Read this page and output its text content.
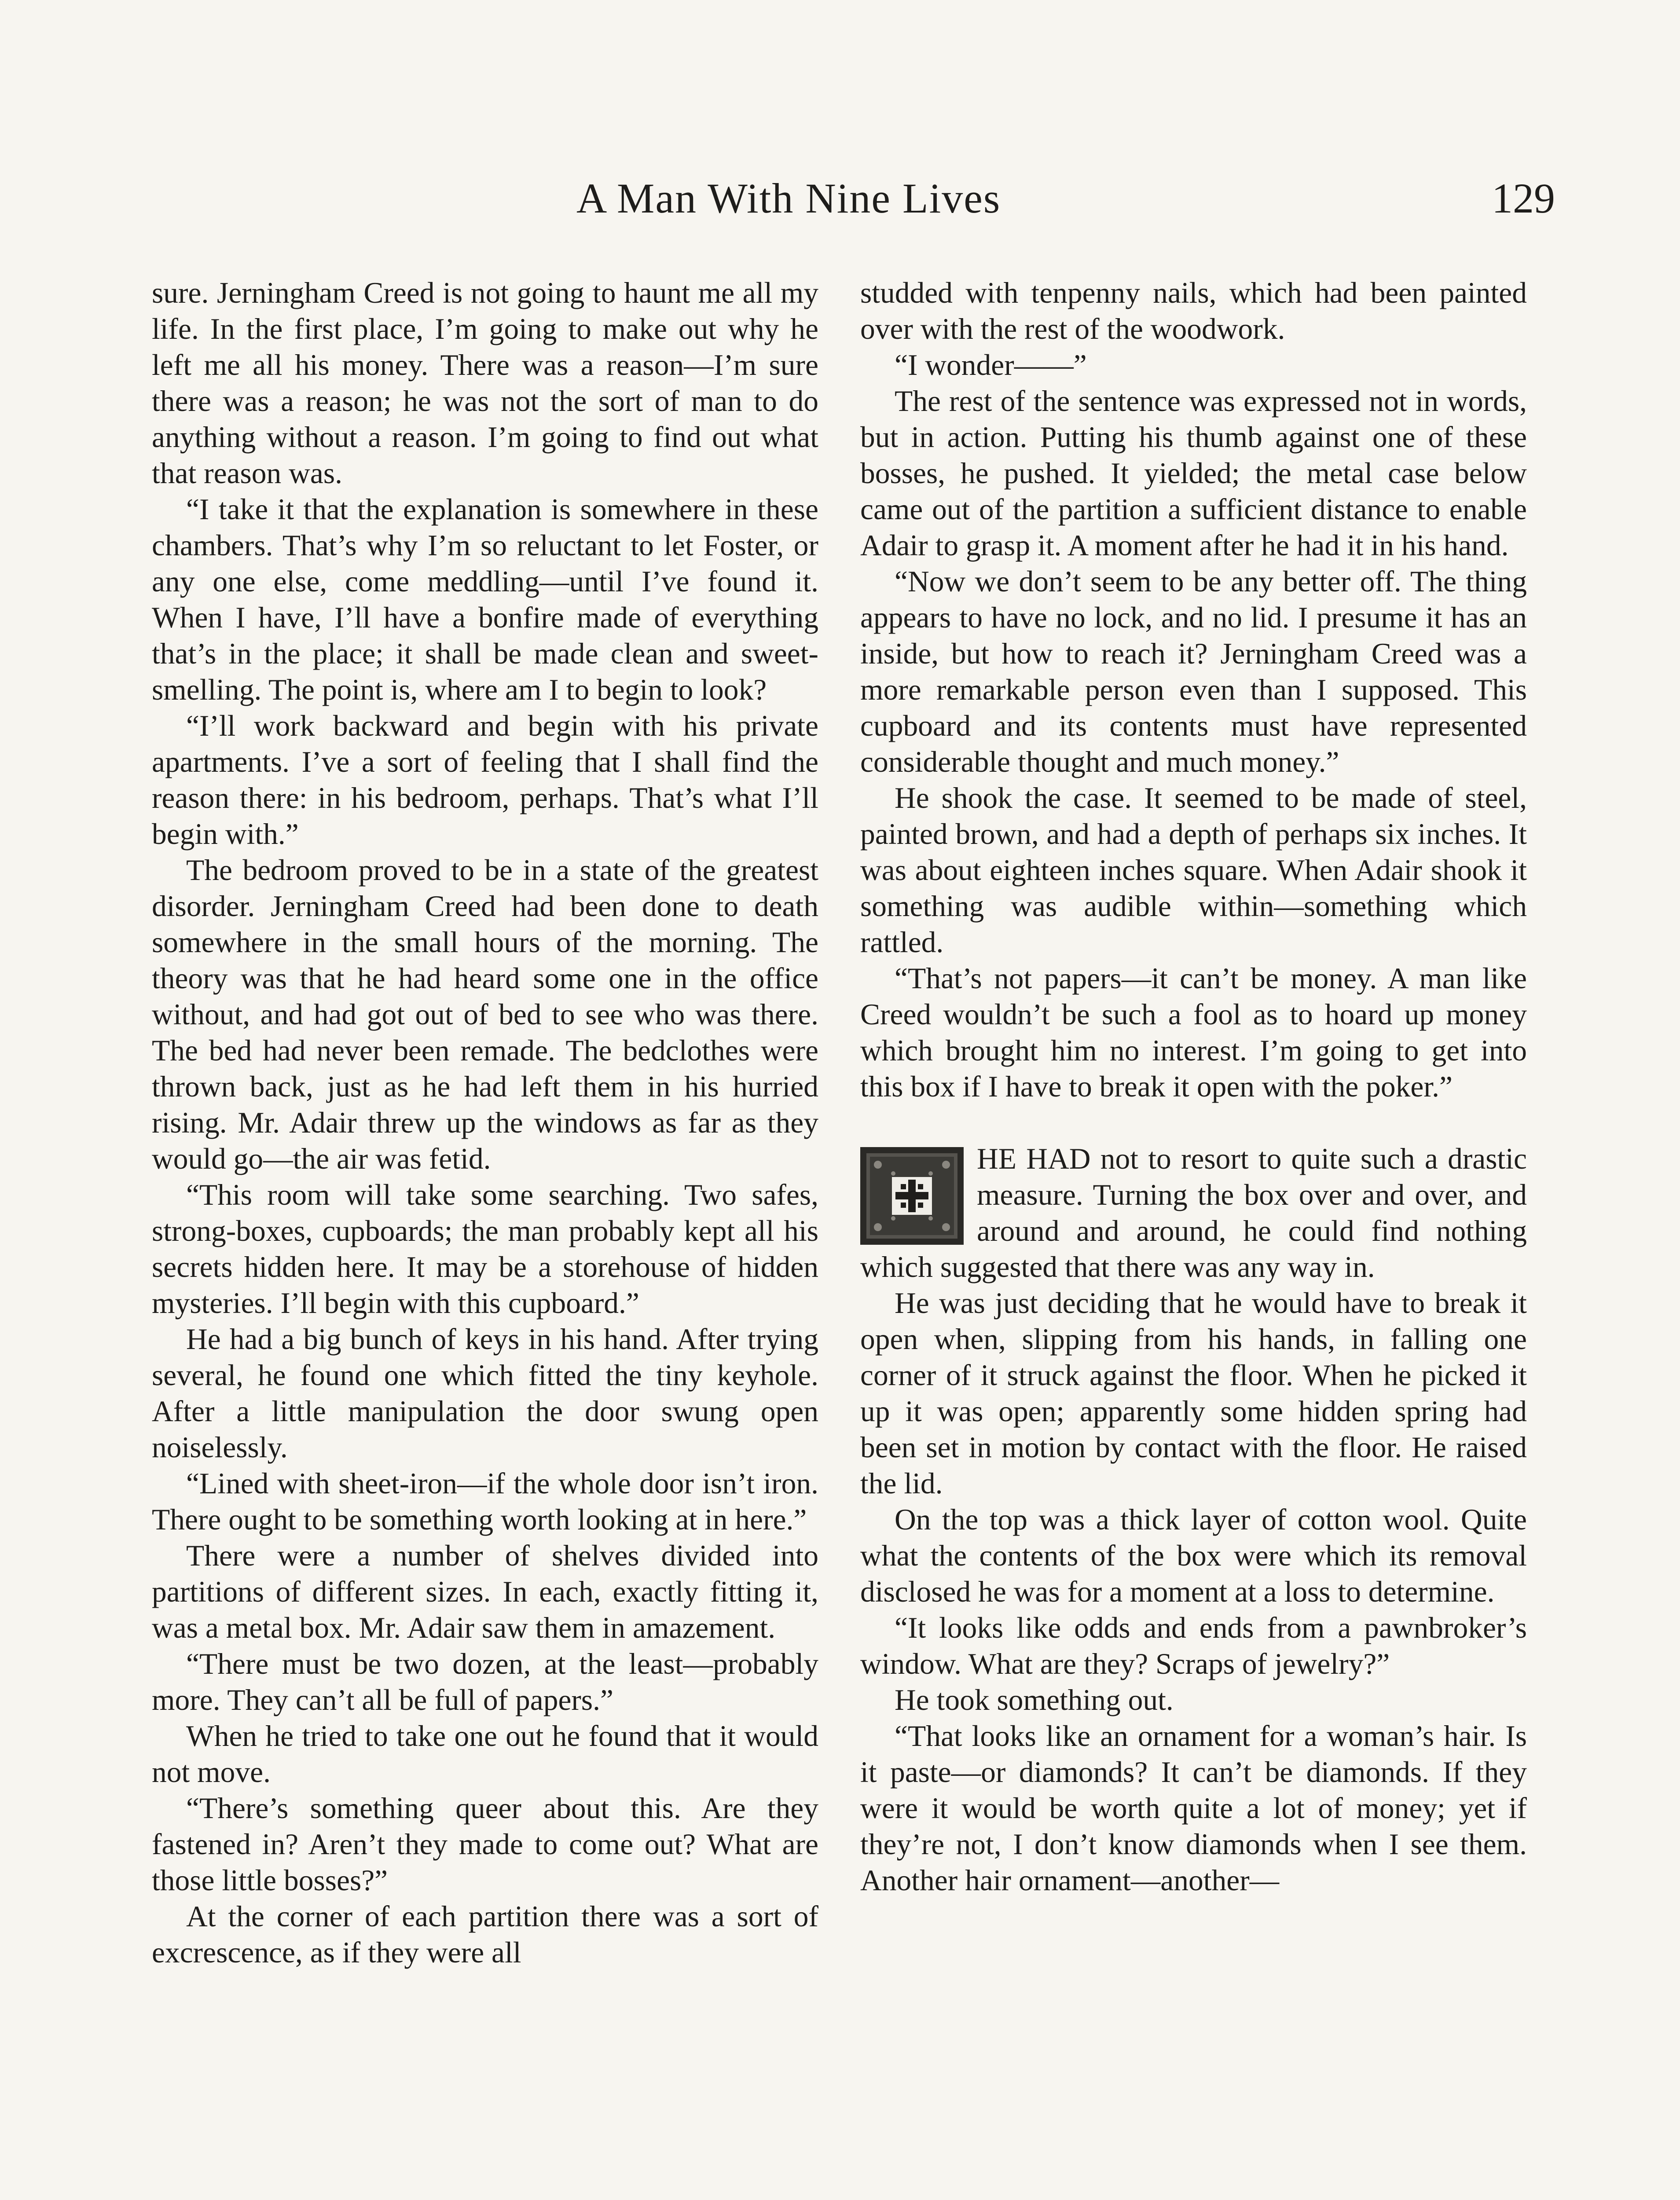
A Man With Nine Lives	129

sure. Jerningham Creed is not going to haunt me all my life. In the first place, I’m going to make out why he left me all his money. There was a reason—I’m sure there was a reason; he was not the sort of man to do anything without a reason. I’m going to find out what that reason was.

“I take it that the explanation is somewhere in these chambers. That’s why I’m so reluctant to let Foster, or any one else, come meddling—until I’ve found it. When I have, I’ll have a bonfire made of everything that’s in the place; it shall be made clean and sweet-smelling. The point is, where am I to begin to look?

“I’ll work backward and begin with his private apartments. I’ve a sort of feeling that I shall find the reason there: in his bedroom, perhaps. That’s what I’ll begin with.”

The bedroom proved to be in a state of the greatest disorder. Jerningham Creed had been done to death somewhere in the small hours of the morning. The theory was that he had heard some one in the office without, and had got out of bed to see who was there. The bed had never been remade. The bedclothes were thrown back, just as he had left them in his hurried rising. Mr. Adair threw up the windows as far as they would go—the air was fetid.

“This room will take some searching. Two safes, strong-boxes, cupboards; the man probably kept all his secrets hidden here. It may be a storehouse of hidden mysteries. I’ll begin with this cupboard.”

He had a big bunch of keys in his hand. After trying several, he found one which fitted the tiny keyhole. After a little manipulation the door swung open noiselessly.

“Lined with sheet-iron—if the whole door isn’t iron. There ought to be something worth looking at in here.”

There were a number of shelves divided into partitions of different sizes. In each, exactly fitting it, was a metal box. Mr. Adair saw them in amazement.

“There must be two dozen, at the least—probably more. They can’t all be full of papers.”

When he tried to take one out he found that it would not move.

“There’s something queer about this. Are they fastened in? Aren’t they made to come out? What are those little bosses?”

At the corner of each partition there was a sort of excrescence, as if they were all

studded with tenpenny nails, which had been painted over with the rest of the woodwork.

“I wonder——”

The rest of the sentence was expressed not in words, but in action. Putting his thumb against one of these bosses, he pushed. It yielded; the metal case below came out of the partition a sufficient distance to enable Adair to grasp it. A moment after he had it in his hand.

“Now we don’t seem to be any better off. The thing appears to have no lock, and no lid. I presume it has an inside, but how to reach it? Jerningham Creed was a more remarkable person even than I supposed. This cupboard and its contents must have represented considerable thought and much money.”

He shook the case. It seemed to be made of steel, painted brown, and had a depth of perhaps six inches. It was about eighteen inches square. When Adair shook it something was audible within—something which rattled.

“That’s not papers—it can’t be money. A man like Creed wouldn’t be such a fool as to hoard up money which brought him no interest. I’m going to get into this box if I have to break it open with the poker.”

HE HAD not to resort to quite such a drastic measure. Turning the box over and over, and around and around, he could find nothing which suggested that there was any way in.

He was just deciding that he would have to break it open when, slipping from his hands, in falling one corner of it struck against the floor. When he picked it up it was open; apparently some hidden spring had been set in motion by contact with the floor. He raised the lid.

On the top was a thick layer of cotton wool. Quite what the contents of the box were which its removal disclosed he was for a moment at a loss to determine.

“It looks like odds and ends from a pawnbroker’s window. What are they? Scraps of jewelry?”

He took something out.

“That looks like an ornament for a woman’s hair. Is it paste—or diamonds? It can’t be diamonds. If they were it would be worth quite a lot of money; yet if they’re not, I don’t know diamonds when I see them. Another hair ornament—another—
